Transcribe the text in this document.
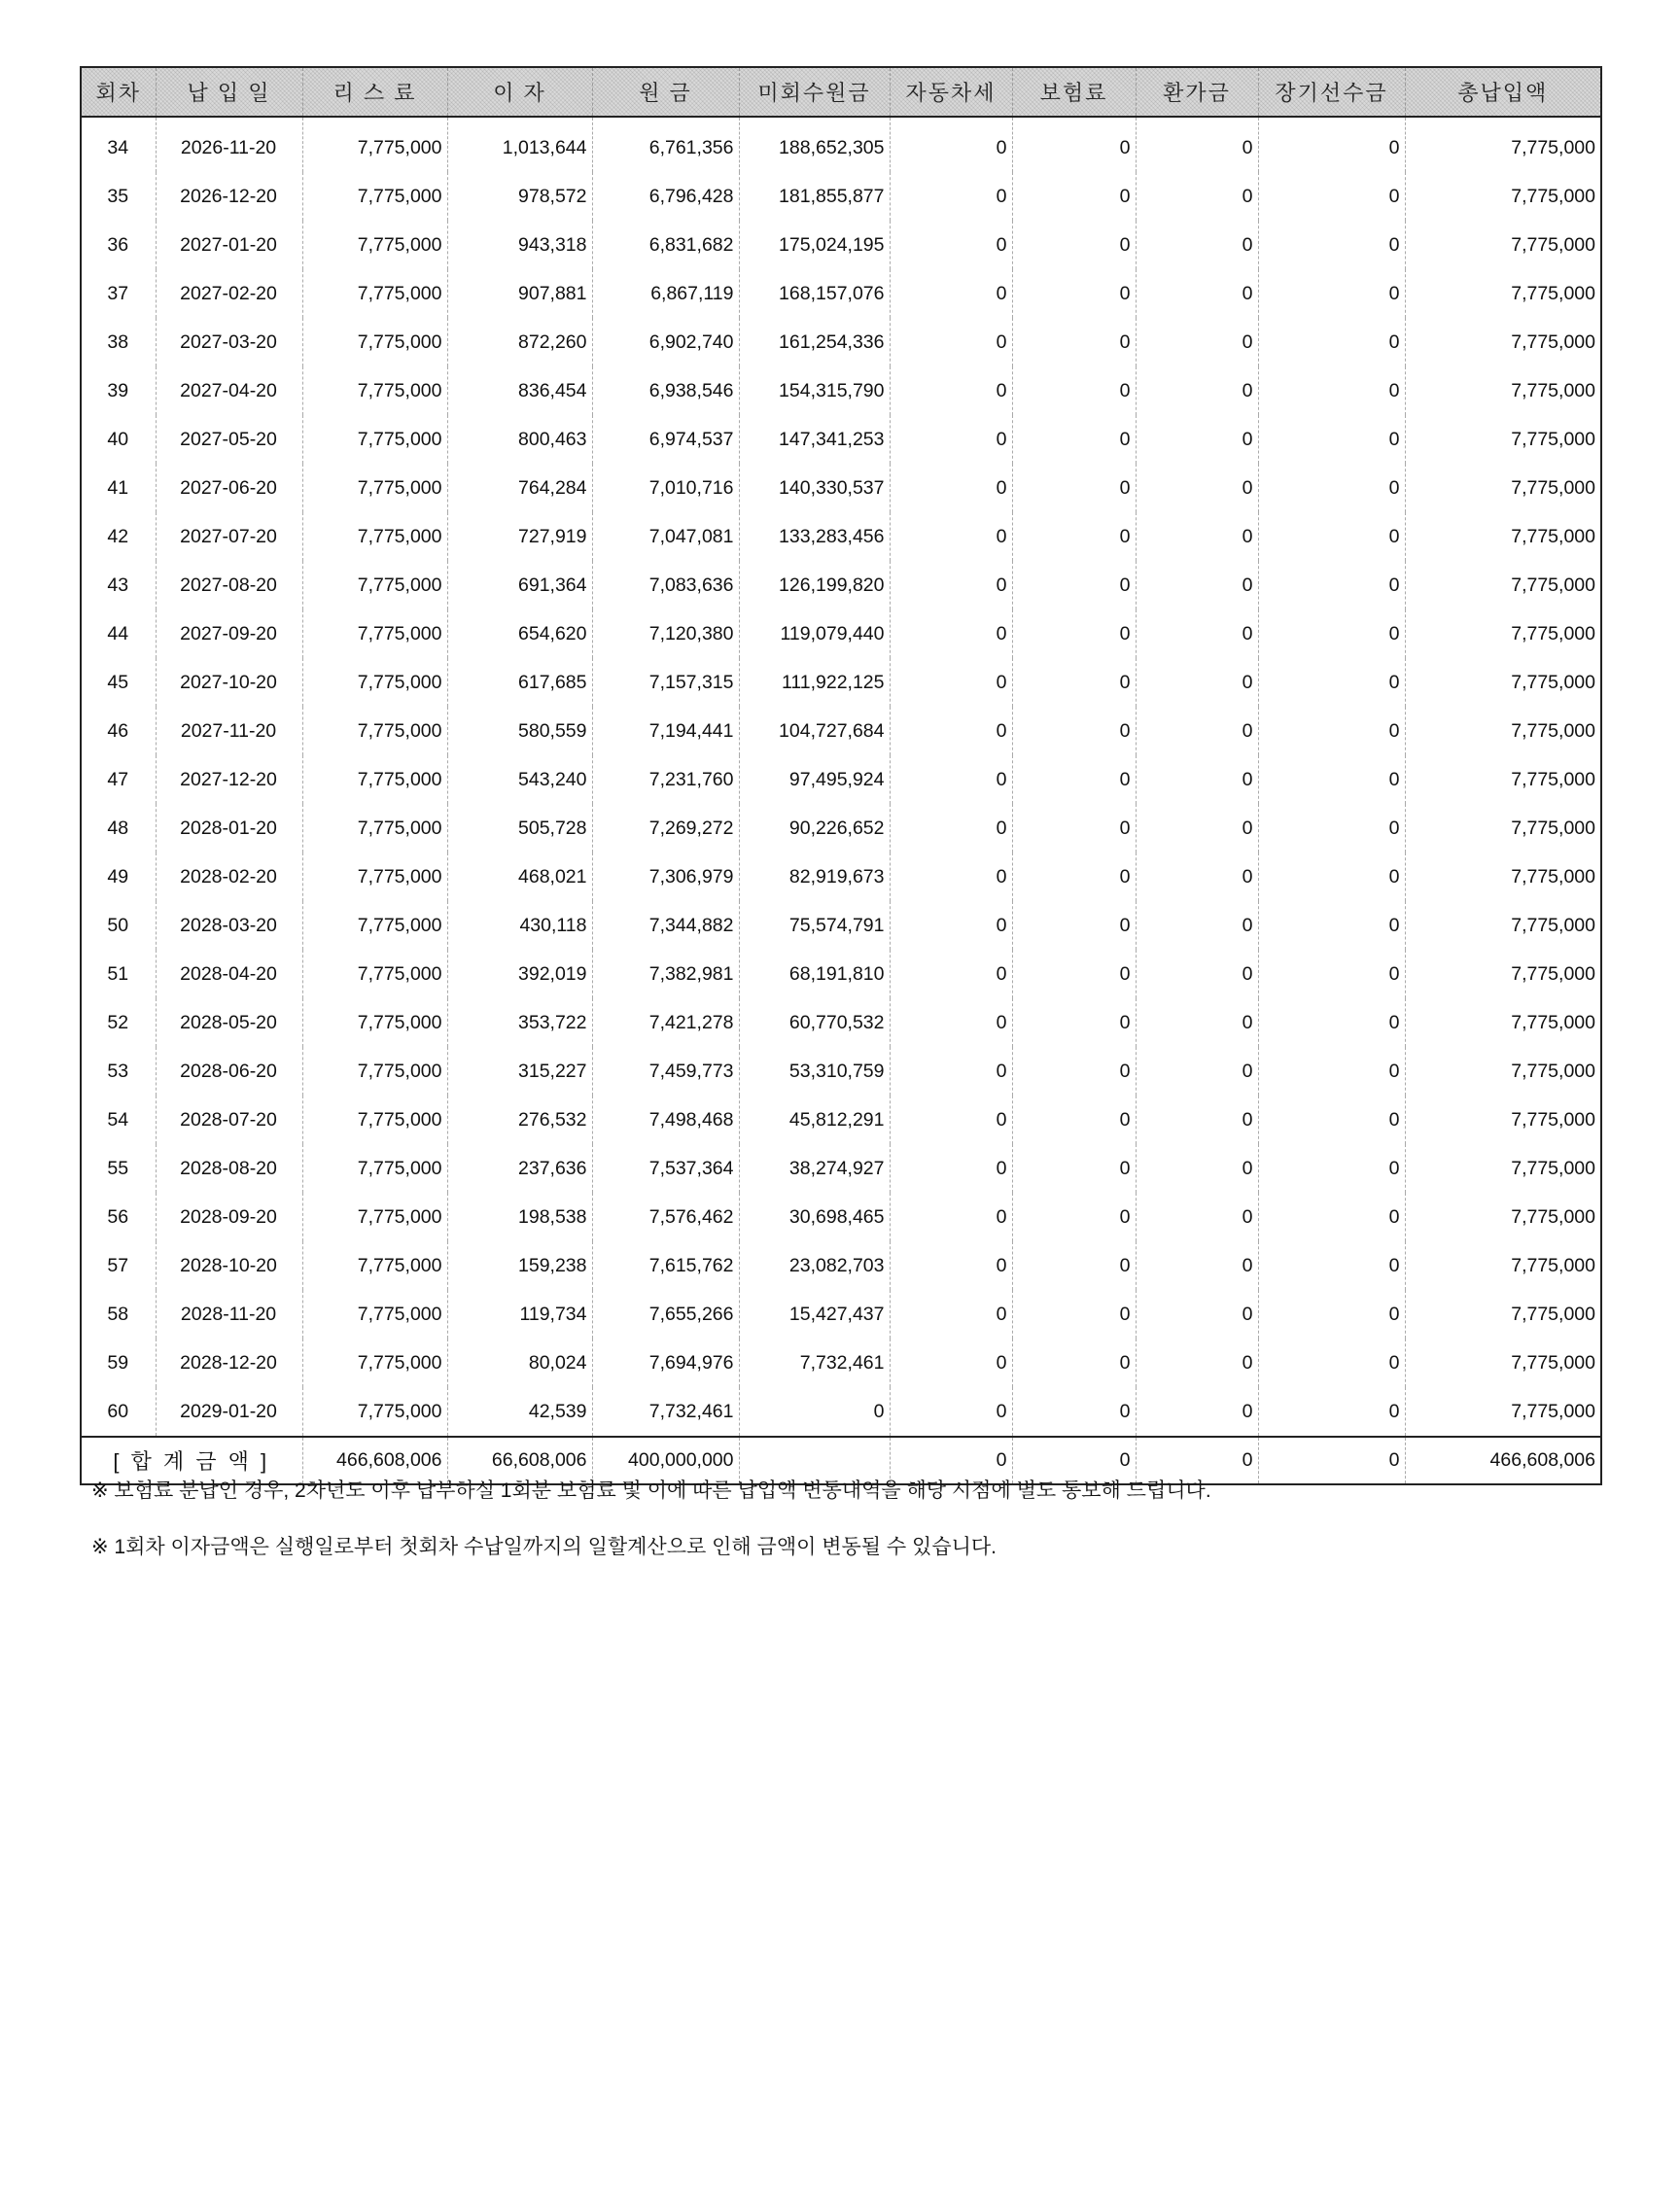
회차	납 입 일	리 스 료	이 자	원 금	미회수원금	자동차세	보험료	환가금	장기선수금	총납입액
34	2026-11-20	7,775,000	1,013,644	6,761,356	188,652,305	0	0	0	0	7,775,000
35	2026-12-20	7,775,000	978,572	6,796,428	181,855,877	0	0	0	0	7,775,000
36	2027-01-20	7,775,000	943,318	6,831,682	175,024,195	0	0	0	0	7,775,000
37	2027-02-20	7,775,000	907,881	6,867,119	168,157,076	0	0	0	0	7,775,000
38	2027-03-20	7,775,000	872,260	6,902,740	161,254,336	0	0	0	0	7,775,000
39	2027-04-20	7,775,000	836,454	6,938,546	154,315,790	0	0	0	0	7,775,000
40	2027-05-20	7,775,000	800,463	6,974,537	147,341,253	0	0	0	0	7,775,000
41	2027-06-20	7,775,000	764,284	7,010,716	140,330,537	0	0	0	0	7,775,000
42	2027-07-20	7,775,000	727,919	7,047,081	133,283,456	0	0	0	0	7,775,000
43	2027-08-20	7,775,000	691,364	7,083,636	126,199,820	0	0	0	0	7,775,000
44	2027-09-20	7,775,000	654,620	7,120,380	119,079,440	0	0	0	0	7,775,000
45	2027-10-20	7,775,000	617,685	7,157,315	111,922,125	0	0	0	0	7,775,000
46	2027-11-20	7,775,000	580,559	7,194,441	104,727,684	0	0	0	0	7,775,000
47	2027-12-20	7,775,000	543,240	7,231,760	97,495,924	0	0	0	0	7,775,000
48	2028-01-20	7,775,000	505,728	7,269,272	90,226,652	0	0	0	0	7,775,000
49	2028-02-20	7,775,000	468,021	7,306,979	82,919,673	0	0	0	0	7,775,000
50	2028-03-20	7,775,000	430,118	7,344,882	75,574,791	0	0	0	0	7,775,000
51	2028-04-20	7,775,000	392,019	7,382,981	68,191,810	0	0	0	0	7,775,000
52	2028-05-20	7,775,000	353,722	7,421,278	60,770,532	0	0	0	0	7,775,000
53	2028-06-20	7,775,000	315,227	7,459,773	53,310,759	0	0	0	0	7,775,000
54	2028-07-20	7,775,000	276,532	7,498,468	45,812,291	0	0	0	0	7,775,000
55	2028-08-20	7,775,000	237,636	7,537,364	38,274,927	0	0	0	0	7,775,000
56	2028-09-20	7,775,000	198,538	7,576,462	30,698,465	0	0	0	0	7,775,000
57	2028-10-20	7,775,000	159,238	7,615,762	23,082,703	0	0	0	0	7,775,000
58	2028-11-20	7,775,000	119,734	7,655,266	15,427,437	0	0	0	0	7,775,000
59	2028-12-20	7,775,000	80,024	7,694,976	7,732,461	0	0	0	0	7,775,000
60	2029-01-20	7,775,000	42,539	7,732,461	0	0	0	0	0	7,775,000
[ 합 계 금 액 ]		466,608,006	66,608,006	400,000,000		0	0	0	0	466,608,006

※ 보험료 분납인 경우, 2차년도 이후 납부하실 1회분 보험료 및 이에 따른 납입액 변동내역을 해당 시점에 별도 통보해 드립니다.

※ 1회차 이자금액은 실행일로부터 첫회차 수납일까지의 일할계산으로 인해 금액이 변동될 수 있습니다.
